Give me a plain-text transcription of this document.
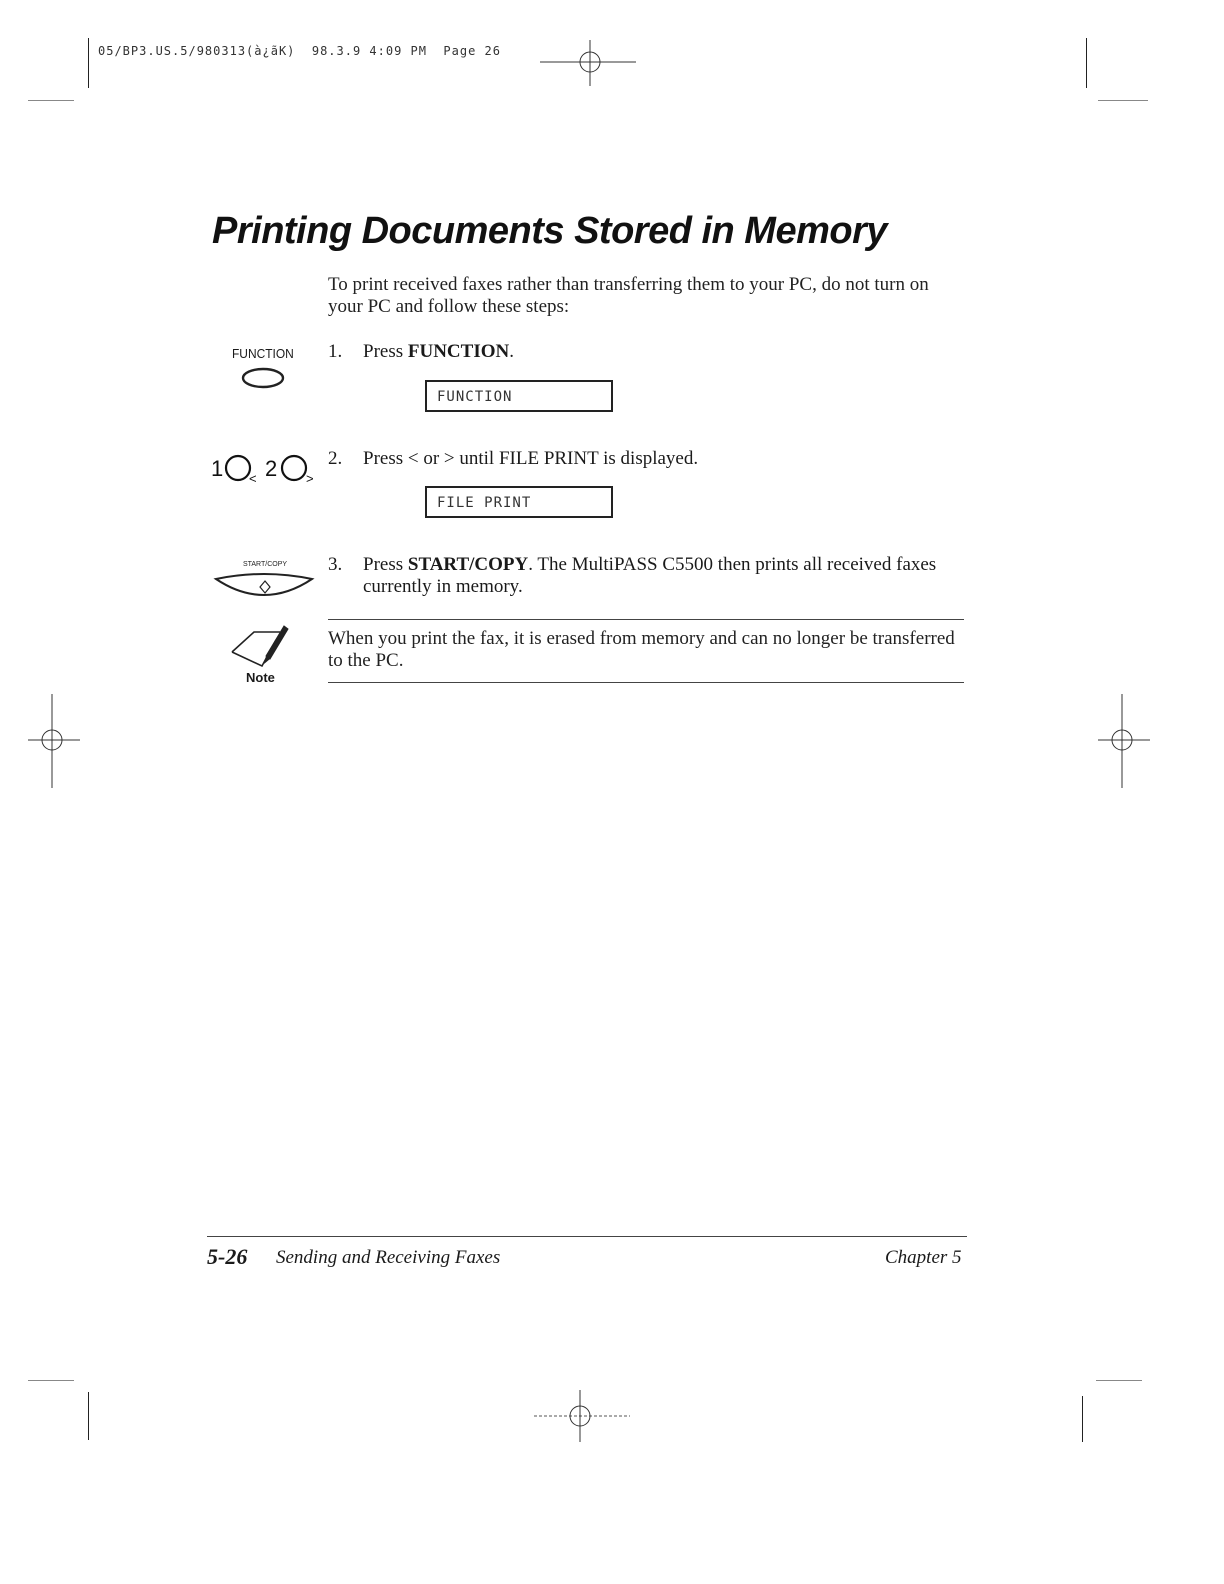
05/BP3.US.5/980313(à¿ãK)  98.3.9 4:09 PM  Page 26
Printing Documents Stored in Memory
To print received faxes rather than transferring them to your PC, do not turn on your PC and follow these steps:
FUNCTION 1. Press FUNCTION.
FUNCTION
1 < 2 >
2. Press < or > until FILE PRINT is displayed.
FILE PRINT
START/COPY 3. Press START/COPY. The MultiPASS C5500 then prints all received faxes currently in memory.
Note
When you print the fax, it is erased from memory and can no longer be transferred to the PC.
5-26 Sending and Receiving Faxes	Chapter 5
